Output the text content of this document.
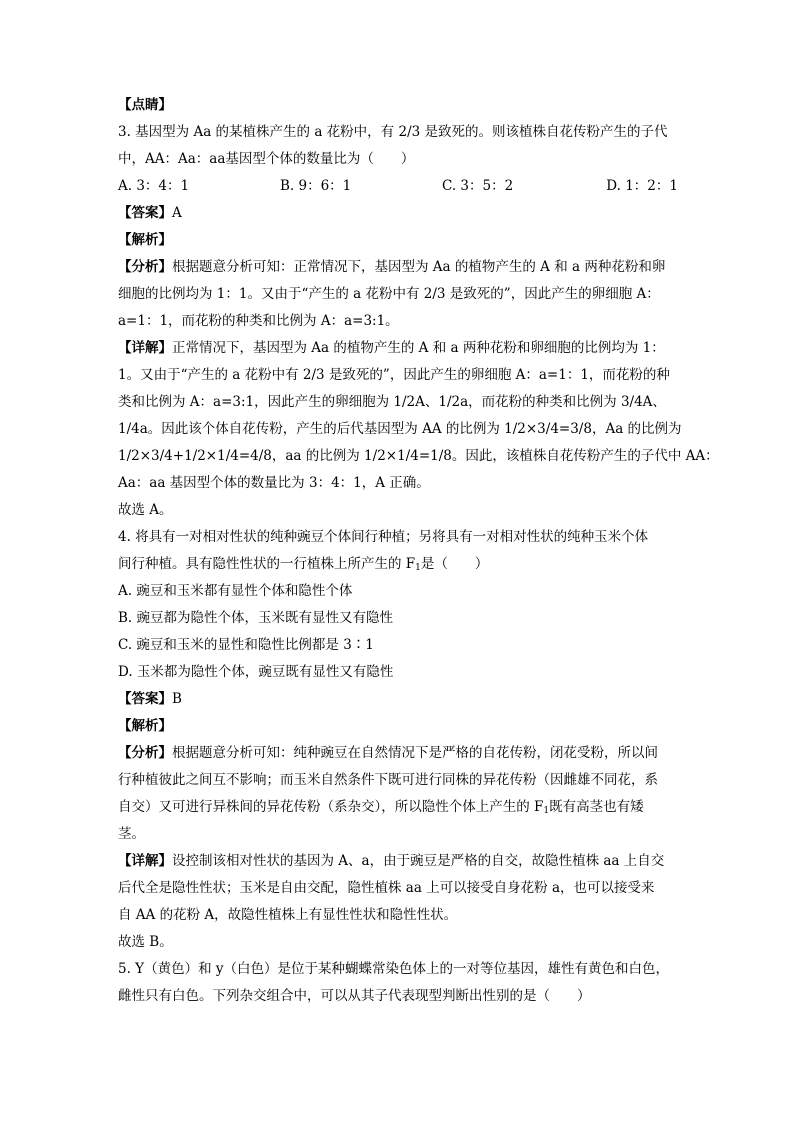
【点睛】
3. 基因型为 Aa 的某植株产生的 a 花粉中，有 2/3 是致死的。则该植株自花传粉产生的子代
中，AA：Aa：aa基因型个体的数量比为（　　）
A. 3：4：1	B. 9：6：1	C. 3：5：2	D. 1：2：1
【答案】A
【解析】
【分析】根据题意分析可知：正常情况下，基因型为 Aa 的植物产生的 A 和 a 两种花粉和卵
细胞的比例均为 1：1。又由于“产生的 a 花粉中有 2/3 是致死的”，因此产生的卵细胞 A：
a=1：1，而花粉的种类和比例为 A：a=3:1。
【详解】正常情况下，基因型为 Aa 的植物产生的 A 和 a 两种花粉和卵细胞的比例均为 1：
1。又由于“产生的 a 花粉中有 2/3 是致死的”，因此产生的卵细胞 A：a=1：1，而花粉的种
类和比例为 A：a=3:1，因此产生的卵细胞为 1/2A、1/2a，而花粉的种类和比例为 3/4A、
1/4a。因此该个体自花传粉，产生的后代基因型为 AA 的比例为 1/2×3/4=3/8，Aa 的比例为
1/2×3/4+1/2×1/4=4/8，aa 的比例为 1/2×1/4=1/8。因此，该植株自花传粉产生的子代中 AA：
Aa：aa 基因型个体的数量比为 3：4：1，A 正确。
故选 A。
4. 将具有一对相对性状的纯种豌豆个体间行种植；另将具有一对相对性状的纯种玉米个体
间行种植。具有隐性性状的一行植株上所产生的 $F_1$是（　　）
A. 豌豆和玉米都有显性个体和隐性个体
B. 豌豆都为隐性个体，玉米既有显性又有隐性
C. 豌豆和玉米的显性和隐性比例都是 3∶1
D. 玉米都为隐性个体，豌豆既有显性又有隐性
【答案】B
【解析】
【分析】根据题意分析可知：纯种豌豆在自然情况下是严格的自花传粉，闭花受粉，所以间
行种植彼此之间互不影响；而玉米自然条件下既可进行同株的异花传粉（因雌雄不同花，系
自交）又可进行异株间的异花传粉（系杂交），所以隐性个体上产生的 $F_1$既有高茎也有矮
茎。
【详解】设控制该相对性状的基因为 A、a，由于豌豆是严格的自交，故隐性植株 aa 上自交
后代全是隐性性状；玉米是自由交配，隐性植株 aa 上可以接受自身花粉 a，也可以接受来
自 AA 的花粉 A，故隐性植株上有显性性状和隐性性状。
故选 B。
5. Y（黄色）和 y（白色）是位于某种蝴蝶常染色体上的一对等位基因，雄性有黄色和白色，
雌性只有白色。下列杂交组合中，可以从其子代表现型判断出性别的是（　　）
